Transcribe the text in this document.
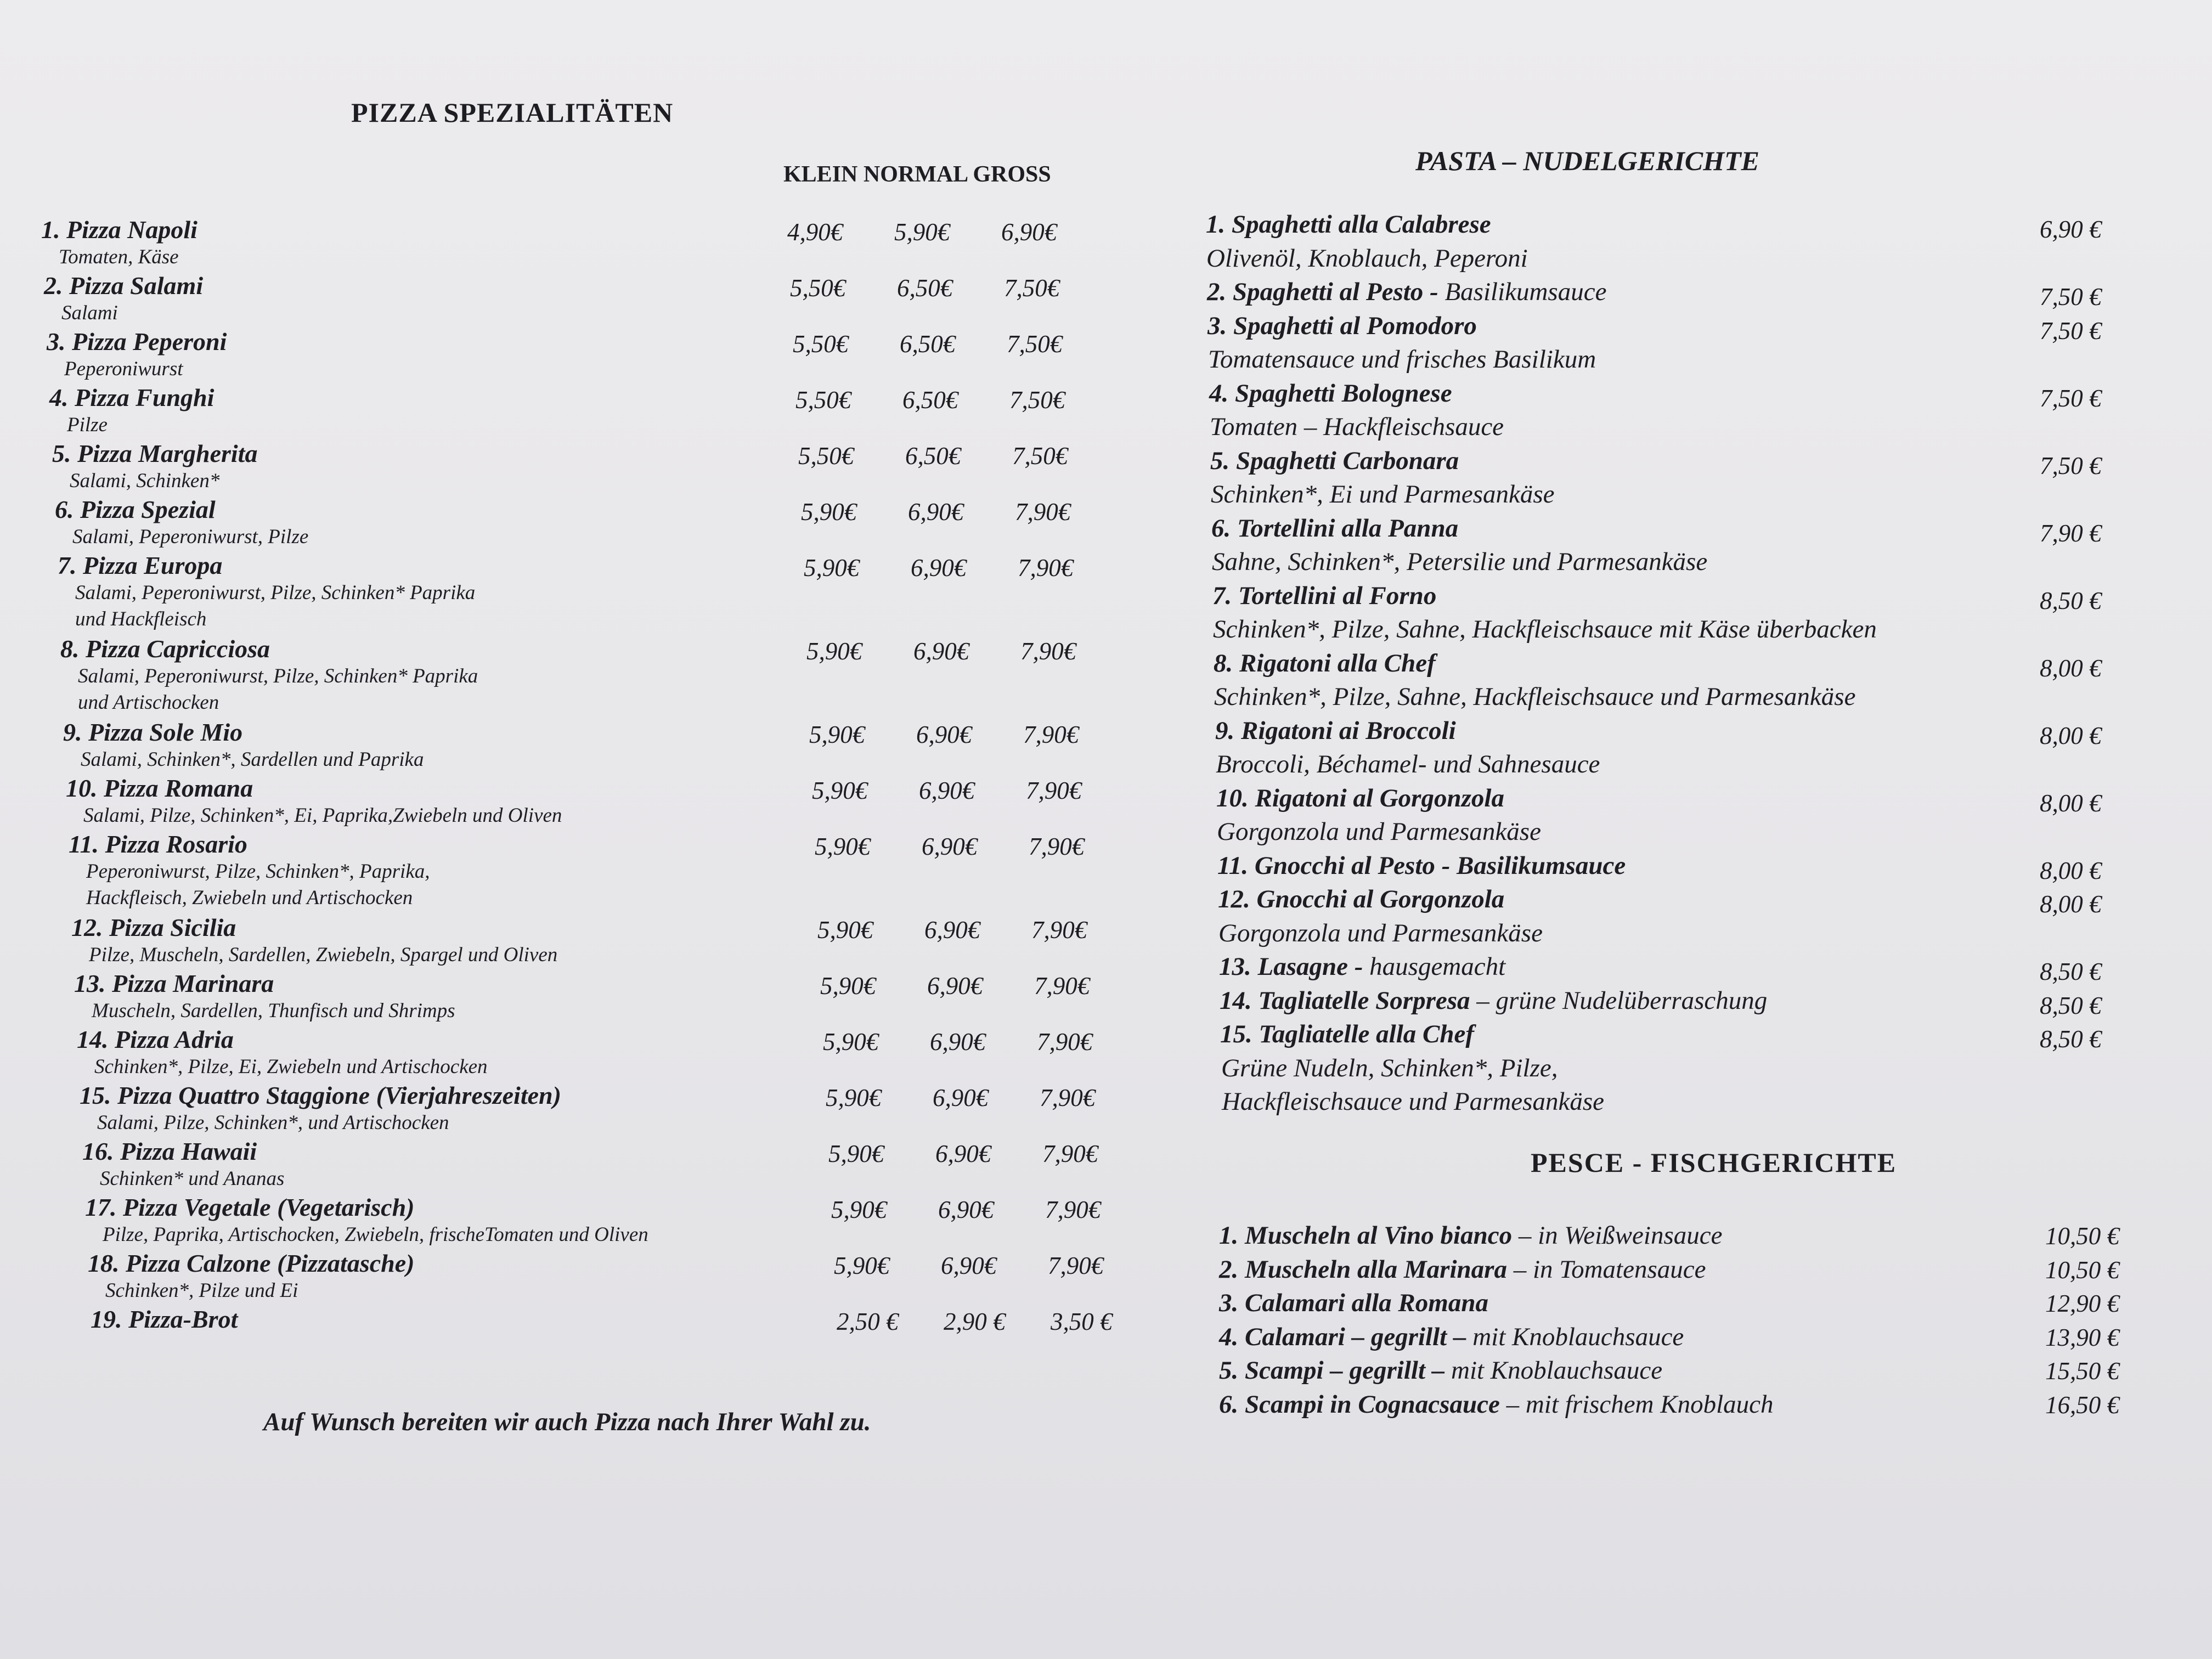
PIZZA SPEZIALITÄTEN
KLEIN NORMAL GROSS
1. Pizza Napoli	4,90€ 5,90€ 6,90€
Tomaten, Käse
2. Pizza Salami	5,50€ 6,50€ 7,50€
Salami
3. Pizza Peperoni	5,50€ 6,50€ 7,50€
Peperoniwurst
4. Pizza Funghi	5,50€ 6,50€ 7,50€
Pilze
5. Pizza Margherita	5,50€ 6,50€ 7,50€
Salami, Schinken*
6. Pizza Spezial	5,90€ 6,90€ 7,90€
Salami, Peperoniwurst, Pilze
7. Pizza Europa	5,90€ 6,90€ 7,90€
Salami, Peperoniwurst, Pilze, Schinken* Paprika
und Hackfleisch
8. Pizza Capricciosa	5,90€ 6,90€ 7,90€
Salami, Peperoniwurst, Pilze, Schinken* Paprika
und Artischocken
9. Pizza Sole Mio	5,90€ 6,90€ 7,90€
Salami, Schinken*, Sardellen und Paprika
10. Pizza Romana	5,90€ 6,90€ 7,90€
Salami, Pilze, Schinken*, Ei, Paprika,Zwiebeln und Oliven
11. Pizza Rosario	5,90€ 6,90€ 7,90€
Peperoniwurst, Pilze, Schinken*, Paprika,
Hackfleisch, Zwiebeln und Artischocken
12. Pizza Sicilia	5,90€ 6,90€ 7,90€
Pilze, Muscheln, Sardellen, Zwiebeln, Spargel und Oliven
13. Pizza Marinara	5,90€ 6,90€ 7,90€
Muscheln, Sardellen, Thunfisch und Shrimps
14. Pizza Adria	5,90€ 6,90€ 7,90€
Schinken*, Pilze, Ei, Zwiebeln und Artischocken
15. Pizza Quattro Staggione (Vierjahreszeiten)	5,90€ 6,90€ 7,90€
Salami, Pilze, Schinken*, und Artischocken
16. Pizza Hawaii	5,90€ 6,90€ 7,90€
Schinken* und Ananas
17. Pizza Vegetale (Vegetarisch)	5,90€ 6,90€ 7,90€
Pilze, Paprika, Artischocken, Zwiebeln, frischeTomaten und Oliven
18. Pizza Calzone (Pizzatasche)	5,90€ 6,90€ 7,90€
Schinken*, Pilze und Ei
19. Pizza-Brot	2,50 € 2,90 € 3,50 €
Auf Wunsch bereiten wir auch Pizza nach Ihrer Wahl zu.
PASTA – NUDELGERICHTE
1. Spaghetti alla Calabrese	6,90 €
Olivenöl, Knoblauch, Peperoni
2. Spaghetti al Pesto - Basilikumsauce	7,50 €
3. Spaghetti al Pomodoro	7,50 €
Tomatensauce und frisches Basilikum
4. Spaghetti Bolognese	7,50 €
Tomaten – Hackfleischsauce
5. Spaghetti Carbonara	7,50 €
Schinken*, Ei und Parmesankäse
6. Tortellini alla Panna	7,90 €
Sahne, Schinken*, Petersilie und Parmesankäse
7. Tortellini al Forno	8,50 €
Schinken*, Pilze, Sahne, Hackfleischsauce mit Käse überbacken
8. Rigatoni alla Chef	8,00 €
Schinken*, Pilze, Sahne, Hackfleischsauce und Parmesankäse
9. Rigatoni ai Broccoli	8,00 €
Broccoli, Béchamel- und Sahnesauce
10. Rigatoni al Gorgonzola	8,00 €
Gorgonzola und Parmesankäse
11. Gnocchi al Pesto - Basilikumsauce	8,00 €
12. Gnocchi al Gorgonzola	8,00 €
Gorgonzola und Parmesankäse
13. Lasagne - hausgemacht	8,50 €
14. Tagliatelle Sorpresa – grüne Nudelüberraschung	8,50 €
15. Tagliatelle alla Chef	8,50 €
Grüne Nudeln, Schinken*, Pilze,
Hackfleischsauce und Parmesankäse
PESCE - FISCHGERICHTE
1. Muscheln al Vino bianco – in Weißweinsauce	10,50 €
2. Muscheln alla Marinara – in Tomatensauce	10,50 €
3. Calamari alla Romana	12,90 €
4. Calamari – gegrillt – mit Knoblauchsauce	13,90 €
5. Scampi – gegrillt – mit Knoblauchsauce	15,50 €
6. Scampi in Cognacsauce – mit frischem Knoblauch	16,50 €
